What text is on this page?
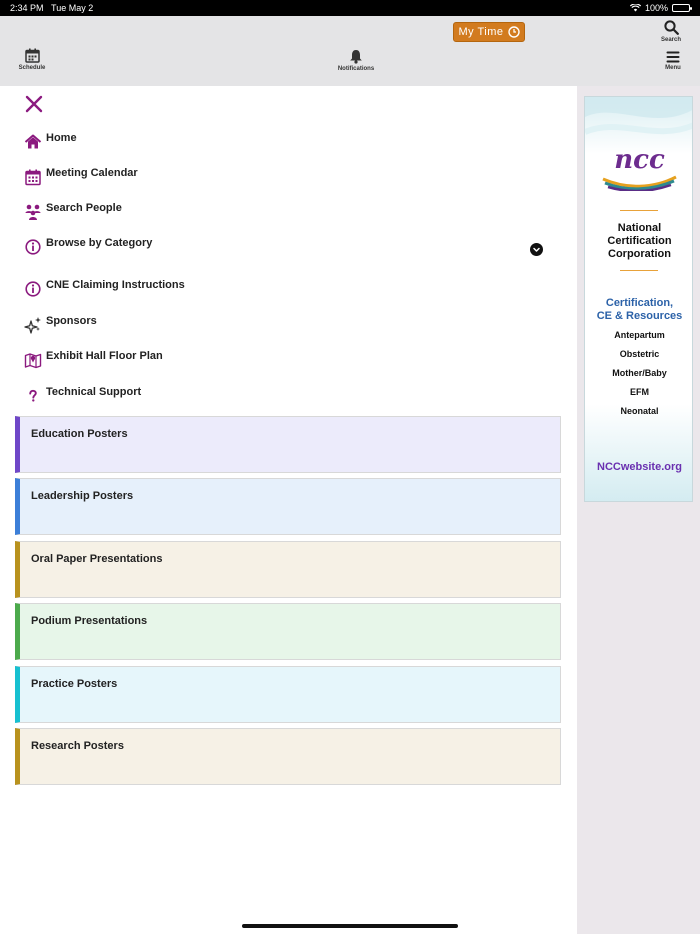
2:34 PM Tue May 2	100%
My Time
Schedule	Notifications
Search
Menu
Home
Meeting Calendar
Search People
Browse by Category
CNE Claiming Instructions
Sponsors
Exhibit Hall Floor Plan
Technical Support
Education Posters
Leadership Posters
Oral Paper Presentations
Podium Presentations
Practice Posters
Research Posters
ncc
National
Certification
Corporation
Certification,
CE & Resources
Antepartum
Obstetric
Mother/Baby
EFM
Neonatal
NCCwebsite.org
